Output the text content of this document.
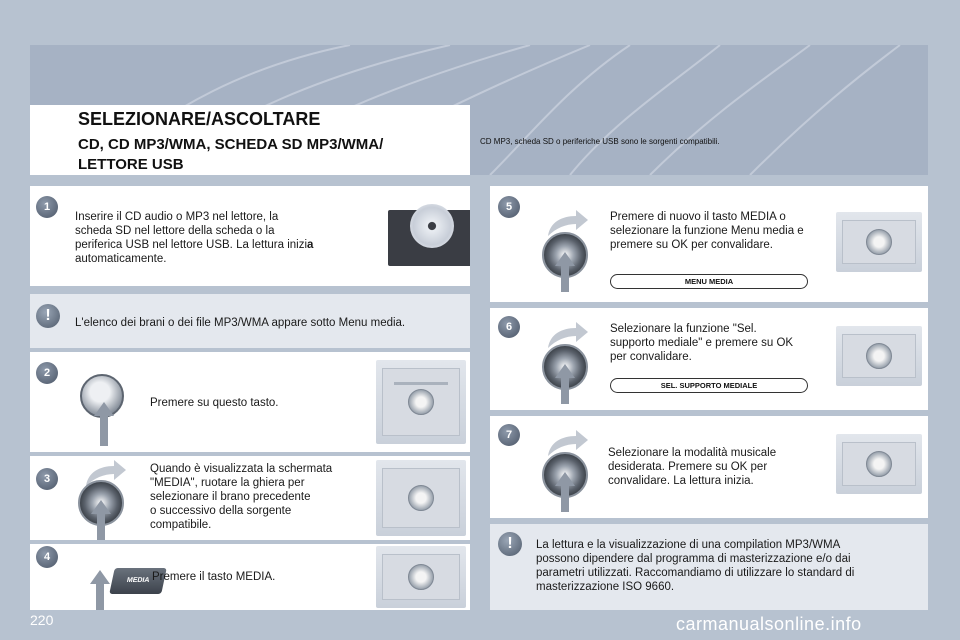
SELEZIONARE/ASCOLTARE
CD, CD MP3/WMA, SCHEDA SD MP3/WMA/
LETTORE USB
CD MP3, scheda SD o periferiche USB sono le sorgenti compatibili.
Inserire il CD audio o MP3 nel lettore, la
scheda SD nel lettore della scheda o la
periferica USB nel lettore USB. La lettura inizia
automaticamente.
1
L'elenco dei brani o dei file MP3/WMA appare sotto Menu media.
!
Premere su questo tasto.
2
Quando è visualizzata la schermata
"MEDIA", ruotare la ghiera per
selezionare il brano precedente
o successivo della sorgente
compatibile.
3
MEDIA Premere il tasto MEDIA.
4
Premere di nuovo il tasto MEDIA o
selezionare la funzione Menu media e
premere su OK per convalidare.
MENU MEDIA
5
Selezionare la funzione "Sel.
supporto mediale" e premere su OK
per convalidare.
SEL. SUPPORTO MEDIALE
6
Selezionare la modalità musicale
desiderata. Premere su OK per
convalidare. La lettura inizia.
7
La lettura e la visualizzazione di una compilation MP3/WMA
possono dipendere dal programma di masterizzazione e/o dai
parametri utilizzati. Raccomandiamo di utilizzare lo standard di
masterizzazione ISO 9660.
!
220	carmanualsonline.info
